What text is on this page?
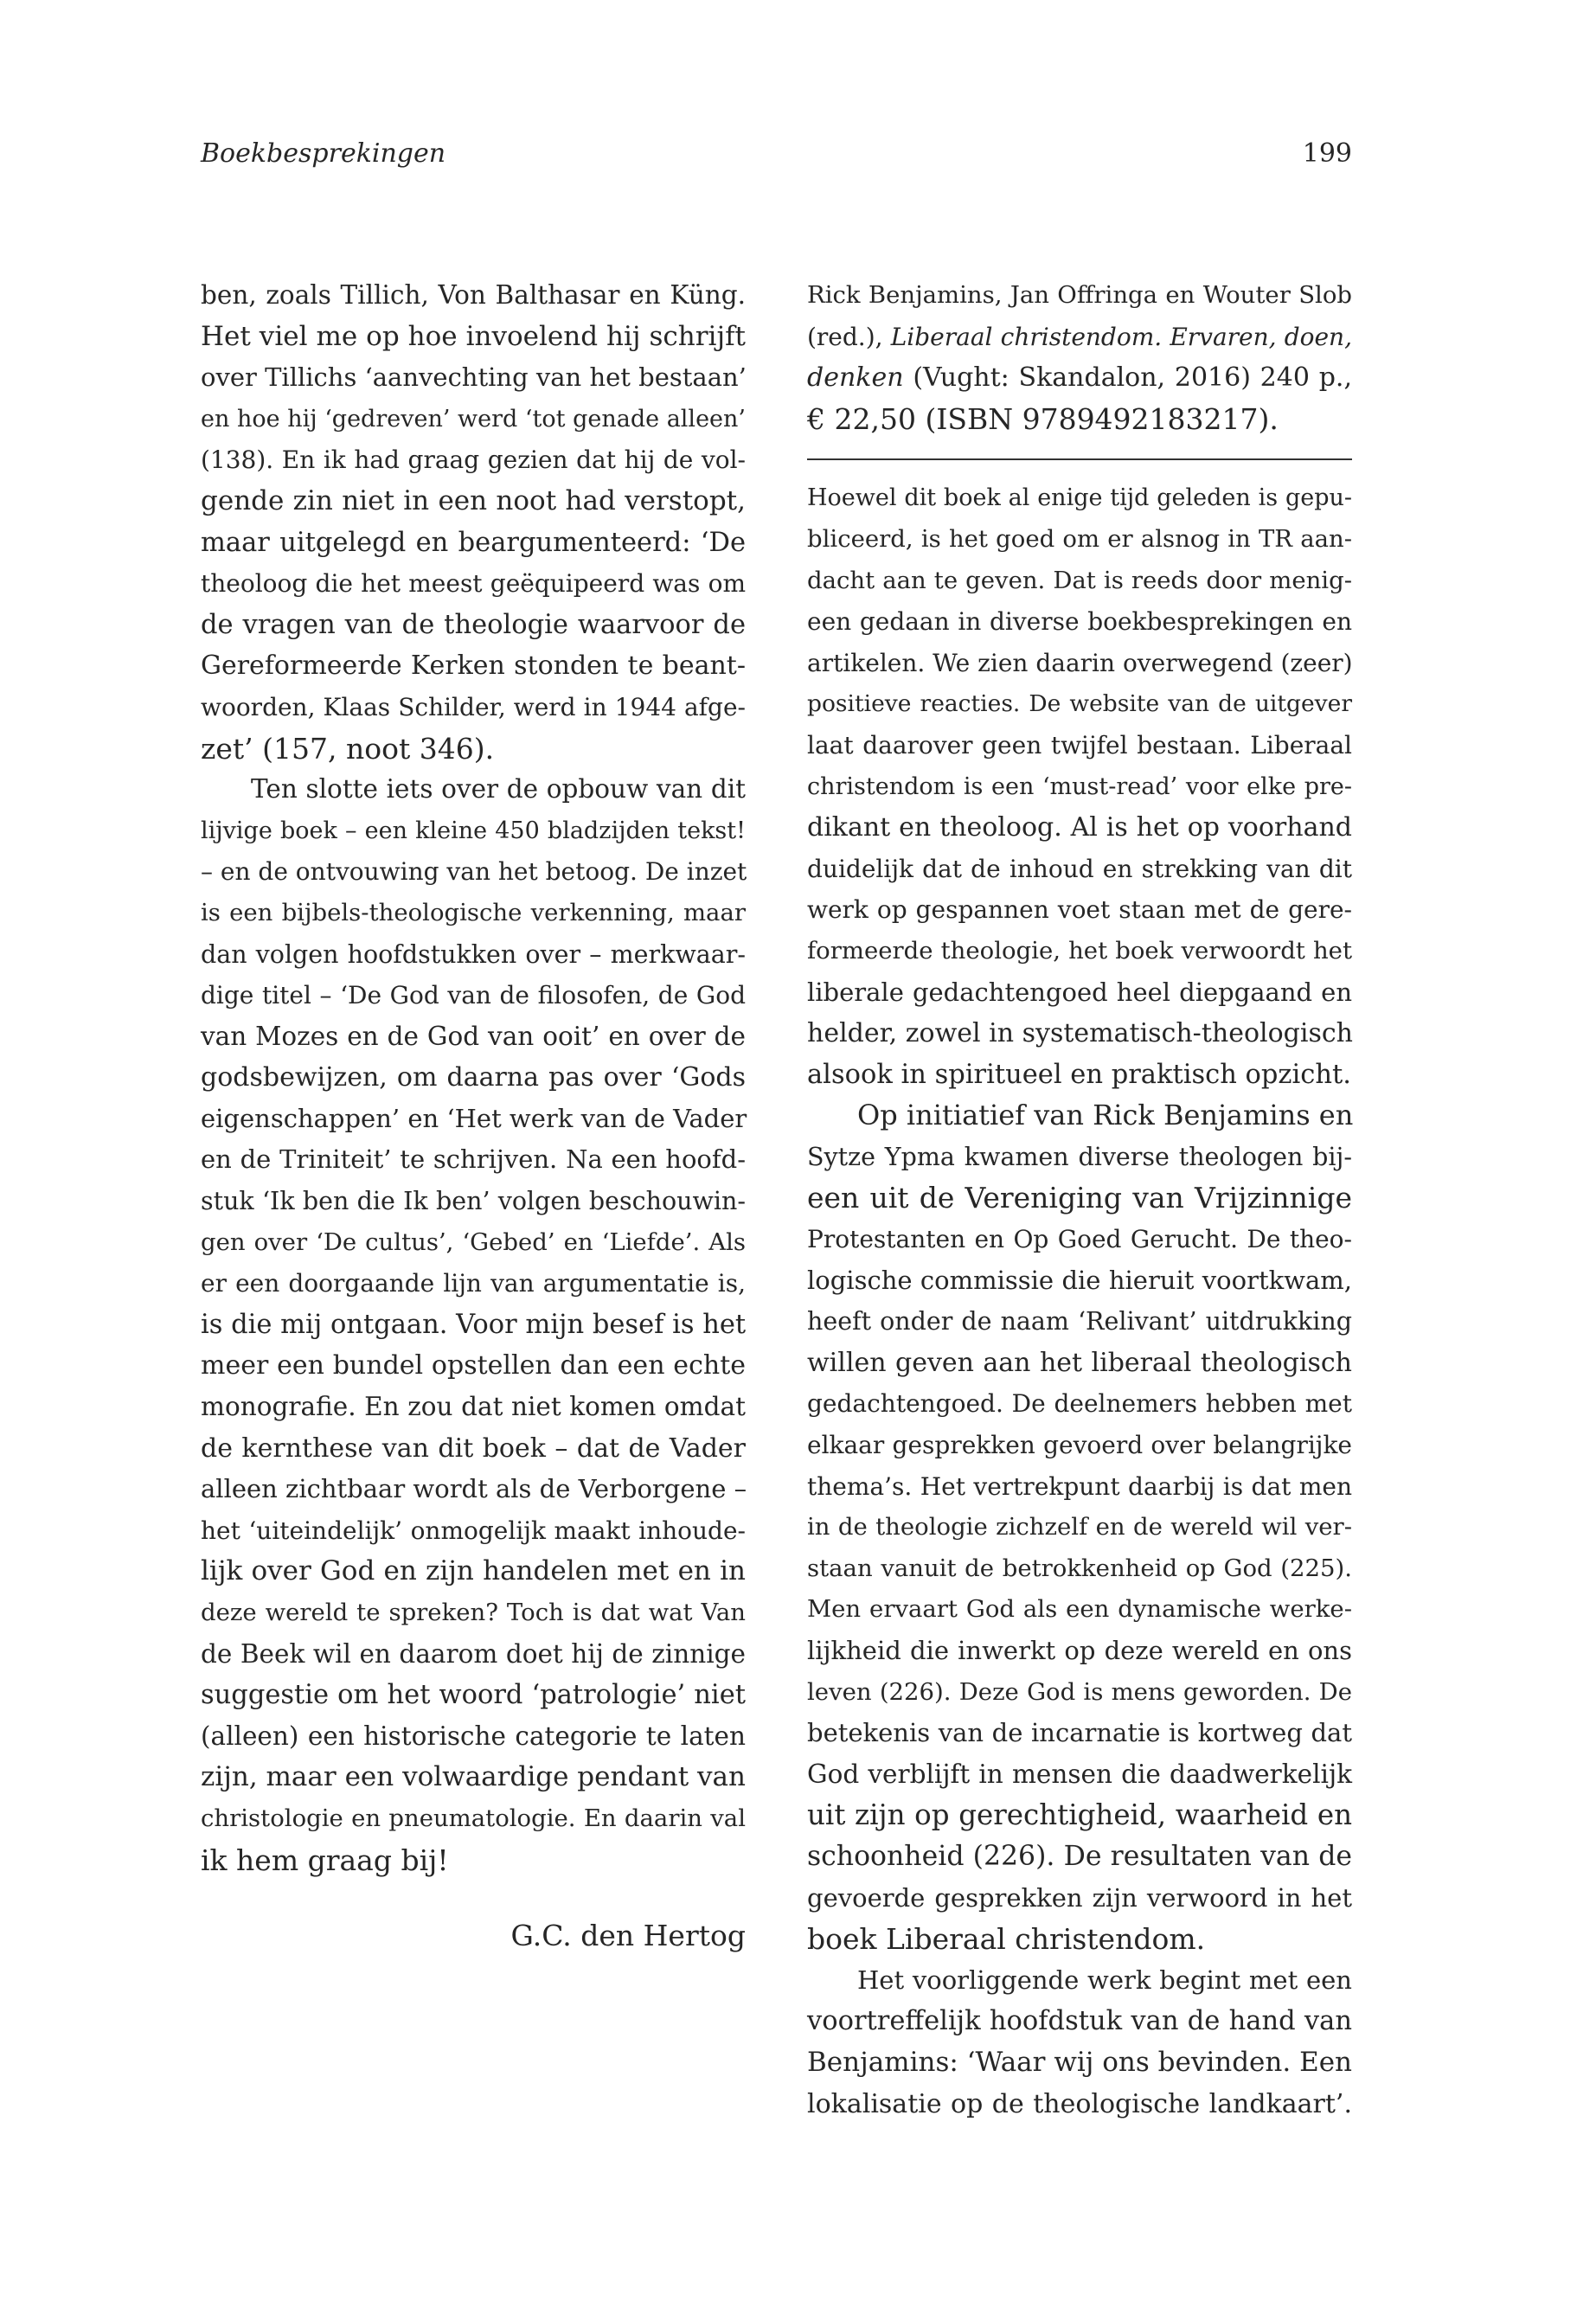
Boekbesprekingen	199
ben, zoals Tillich, Von Balthasar en Küng.
Het viel me op hoe invoelend hij schrijft
over Tillichs ‘aanvechting van het bestaan’
en hoe hij ‘gedreven’ werd ‘tot genade alleen’
(138). En ik had graag gezien dat hij de vol-
gende zin niet in een noot had verstopt,
maar uitgelegd en beargumenteerd: ‘De
theoloog die het meest geëquipeerd was om
de vragen van de theologie waarvoor de
Gereformeerde Kerken stonden te beant-
woorden, Klaas Schilder, werd in 1944 afge-
zet’ (157, noot 346).
Ten slotte iets over de opbouw van dit
lijvige boek – een kleine 450 bladzijden tekst!
– en de ontvouwing van het betoog. De inzet
is een bijbels-theologische verkenning, maar
dan volgen hoofdstukken over – merkwaar-
dige titel – ‘De God van de filosofen, de God
van Mozes en de God van ooit’ en over de
godsbewijzen, om daarna pas over ‘Gods
eigenschappen’ en ‘Het werk van de Vader
en de Triniteit’ te schrijven. Na een hoofd-
stuk ‘Ik ben die Ik ben’ volgen beschouwin-
gen over ‘De cultus’, ‘Gebed’ en ‘Liefde’. Als
er een doorgaande lijn van argumentatie is,
is die mij ontgaan. Voor mijn besef is het
meer een bundel opstellen dan een echte
monografie. En zou dat niet komen omdat
de kernthese van dit boek – dat de Vader
alleen zichtbaar wordt als de Verborgene –
het ‘uiteindelijk’ onmogelijk maakt inhoude-
lijk over God en zijn handelen met en in
deze wereld te spreken? Toch is dat wat Van
de Beek wil en daarom doet hij de zinnige
suggestie om het woord ‘patrologie’ niet
(alleen) een historische categorie te laten
zijn, maar een volwaardige pendant van
christologie en pneumatologie. En daarin val
ik hem graag bij!
G.C. den Hertog
Rick Benjamins, Jan Offringa en Wouter Slob
(red.), Liberaal christendom. Ervaren, doen,
denken (Vught: Skandalon, 2016) 240 p.,
€ 22,50 (ISBN 9789492183217).
Hoewel dit boek al enige tijd geleden is gepu-
bliceerd, is het goed om er alsnog in TR aan-
dacht aan te geven. Dat is reeds door menig-
een gedaan in diverse boekbesprekingen en
artikelen. We zien daarin overwegend (zeer)
positieve reacties. De website van de uitgever
laat daarover geen twijfel bestaan. Liberaal
christendom is een ‘must-read’ voor elke pre-
dikant en theoloog. Al is het op voorhand
duidelijk dat de inhoud en strekking van dit
werk op gespannen voet staan met de gere-
formeerde theologie, het boek verwoordt het
liberale gedachtengoed heel diepgaand en
helder, zowel in systematisch-theologisch
alsook in spiritueel en praktisch opzicht.
Op initiatief van Rick Benjamins en
Sytze Ypma kwamen diverse theologen bij-
een uit de Vereniging van Vrijzinnige
Protestanten en Op Goed Gerucht. De theo-
logische commissie die hieruit voortkwam,
heeft onder de naam ‘Relivant’ uitdrukking
willen geven aan het liberaal theologisch
gedachtengoed. De deelnemers hebben met
elkaar gesprekken gevoerd over belangrijke
thema’s. Het vertrekpunt daarbij is dat men
in de theologie zichzelf en de wereld wil ver-
staan vanuit de betrokkenheid op God (225).
Men ervaart God als een dynamische werke-
lijkheid die inwerkt op deze wereld en ons
leven (226). Deze God is mens geworden. De
betekenis van de incarnatie is kortweg dat
God verblijft in mensen die daadwerkelijk
uit zijn op gerechtigheid, waarheid en
schoonheid (226). De resultaten van de
gevoerde gesprekken zijn verwoord in het
boek Liberaal christendom.
Het voorliggende werk begint met een
voortreffelijk hoofdstuk van de hand van
Benjamins: ‘Waar wij ons bevinden. Een
lokalisatie op de theologische landkaart’.
